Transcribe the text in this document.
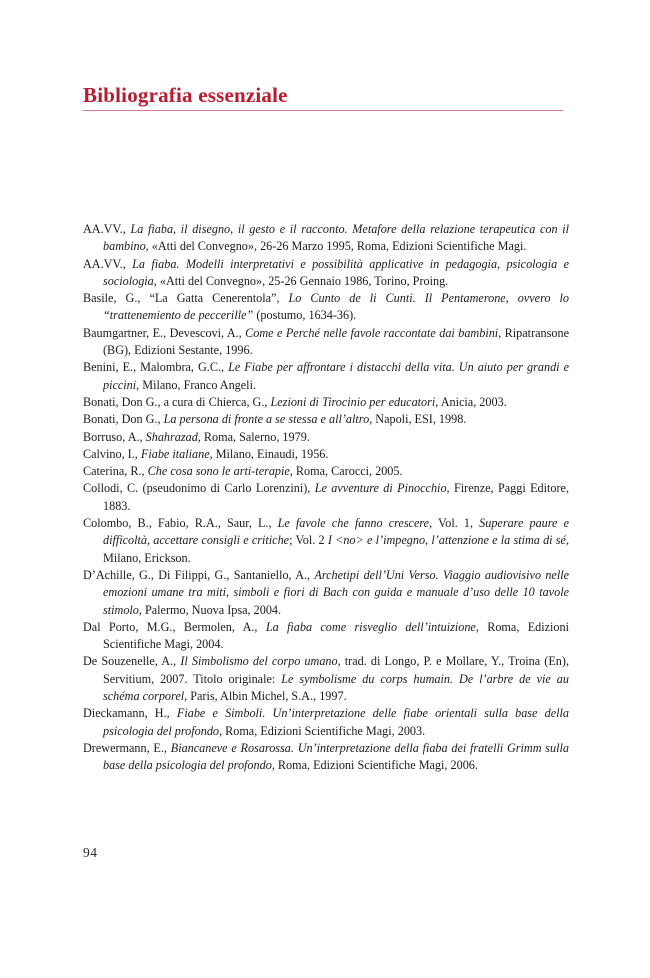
Bibliografia essenziale

AA.VV., La fiaba, il disegno, il gesto e il racconto. Metafore della relazione terapeutica con il bambino, «Atti del Convegno», 26-26 Marzo 1995, Roma, Edizioni Scientifiche Magi.

AA.VV., La fiaba. Modelli interpretativi e possibilità applicative in pedagogia, psicologia e sociologia, «Atti del Convegno», 25-26 Gennaio 1986, Torino, Proing.

Basile, G., “La Gatta Cenerentola”, Lo Cunto de li Cunti. Il Pentamerone, ovvero lo “trattenemiento de peccerille” (postumo, 1634-36).

Baumgartner, E., Devescovi, A., Come e Perché nelle favole raccontate dai bambini, Ripatransone (BG), Edizioni Sestante, 1996.

Benini, E., Malombra, G.C., Le Fiabe per affrontare i distacchi della vita. Un aiuto per grandi e piccini, Milano, Franco Angeli.

Bonati, Don G., a cura di Chierca, G., Lezioni di Tirocinio per educatori, Anicia, 2003.

Bonati, Don G., La persona di fronte a se stessa e all’altro, Napoli, ESI, 1998.

Borruso, A., Shahrazad, Roma, Salerno, 1979.

Calvino, I., Fiabe italiane, Milano, Einaudi, 1956.

Caterina, R., Che cosa sono le arti-terapie, Roma, Carocci, 2005.

Collodi, C. (pseudonimo di Carlo Lorenzini), Le avventure di Pinocchio, Firenze, Paggi Editore, 1883.

Colombo, B., Fabio, R.A., Saur, L., Le favole che fanno crescere, Vol. 1, Superare paure e difficoltà, accettare consigli e critiche; Vol. 2 I <no> e l’impegno, l’attenzione e la stima di sé, Milano, Erickson.

D’Achille, G., Di Filippi, G., Santaniello, A., Archetipi dell’Uni Verso. Viaggio audiovisivo nelle emozioni umane tra miti, simboli e fiori di Bach con guida e manuale d’uso delle 10 tavole stimolo, Palermo, Nuova Ipsa, 2004.

Dal Porto, M.G., Bermolen, A., La fiaba come risveglio dell’intuizione, Roma, Edizioni Scientifiche Magi, 2004.

De Souzenelle, A., Il Simbolismo del corpo umano, trad. di Longo, P. e Mollare, Y., Troina (En), Servitium, 2007. Titolo originale: Le symbolisme du corps humain. De l’arbre de vie au schéma corporel, Paris, Albin Michel, S.A., 1997.

Dieckamann, H., Fiabe e Simboli. Un’interpretazione delle fiabe orientali sulla base della psicologia del profondo, Roma, Edizioni Scientifiche Magi, 2003.

Drewermann, E., Biancaneve e Rosarossa. Un’interpretazione della fiaba dei fratelli Grimm sulla base della psicologia del profondo, Roma, Edizioni Scientifiche Magi, 2006.

94
